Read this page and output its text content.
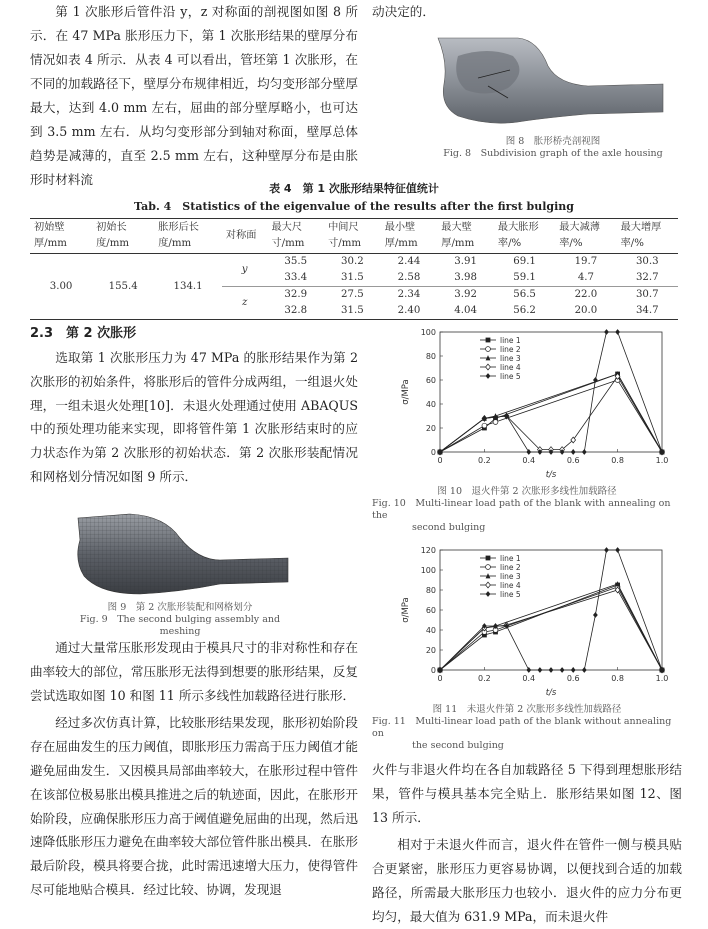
第 1 次胀形后管件沿 y，z 对称面的剖视图如图 8 所示．在 47 MPa 胀形压力下，第 1 次胀形结果的壁厚分布情况如表 4 所示．从表 4 可以看出，管坯第 1 次胀形，在不同的加载路径下，壁厚分布规律相近，均匀变形部分壁厚最大，达到 4.0 mm 左右，屈曲的部分壁厚略小，也可达到 3.5 mm 左右．从均匀变形部分到轴对称面，壁厚总体趋势是减薄的，直至 2.5 mm 左右，这种壁厚分布是由胀形时材料流

动决定的．

图 8　胀形桥壳剖视图
Fig. 8　Subdivision graph of the axle housing
表 4　第 1 次胀形结果特征值统计
Tab. 4　Statistics of the eigenvalue of the results after the first bulging
初始壁厚/mm	初始长度/mm	胀形后长度/mm	对称面	最大尺寸/mm	中间尺寸/mm	最小壁厚/mm	最大壁厚/mm	最大胀形率/%	最大减薄率/%	最大增厚率/%
3.00	155.4	134.1	y	35.5	30.2	2.44	3.91	69.1	19.7	30.3
				33.4	31.5	2.58	3.98	59.1	4.7	32.7
			z	32.9	27.5	2.34	3.92	56.5	22.0	30.7
				32.8	31.5	2.40	4.04	56.2	20.0	34.7
2.3　第 2 次胀形

选取第 1 次胀形压力为 47 MPa 的胀形结果作为第 2 次胀形的初始条件，将胀形后的管件分成两组，一组退火处理，一组未退火处理[10]．未退火处理通过使用 ABAQUS 中的预处理功能来实现，即将管件第 1 次胀形结束时的应力状态作为第 2 次胀形的初始状态．第 2 次胀形装配情况和网格划分情况如图 9 所示．

图 9　第 2 次胀形装配和网格划分
Fig. 9　The second bulging assembly and meshing

通过大量常压胀形发现由于模具尺寸的非对称性和存在曲率较大的部位，常压胀形无法得到想要的胀形结果，反复尝试选取如图 10 和图 11 所示多线性加载路径进行胀形．

经过多次仿真计算，比较胀形结果发现，胀形初始阶段存在屈曲发生的压力阈值，即胀形压力需高于压力阈值才能避免屈曲发生．又因模具局部曲率较大，在胀形过程中管件在该部位极易胀出模具推进之后的轨迹面，因此，在胀形开始阶段，应确保胀形压力高于阈值避免屈曲的出现，然后迅速降低胀形压力避免在曲率较大部位管件胀出模具．在胀形最后阶段，模具将要合拢，此时需迅速增大压力，使得管件尽可能地贴合模具．经过比较、协调，发现退

0	0.2	0.4	0.6	0.8	1.0
0
20
40
60
80
100
t/s
σ/MPa
line 1
line 2
line 3
line 4
line 5
图 10　退火件第 2 次胀形多线性加载路径
Fig. 10　Multi-linear load path of the blank with annealing on the
second bulging
0	0.2	0.4	0.6	0.8	1.0
0
20
40
60
80
100
120
t/s
σ/MPa
line 1
line 2
line 3
line 4
line 5
图 11　未退火件第 2 次胀形多线性加载路径
Fig. 11　Multi-linear load path of the blank without annealing on
the second bulging

火件与非退火件均在各自加载路径 5 下得到理想胀形结果，管件与模具基本完全贴上．胀形结果如图 12、图 13 所示．

相对于未退火件而言，退火件在管件一侧与模具贴合更紧密，胀形压力更容易协调，以便找到合适的加载路径，所需最大胀形压力也较小．退火件的应力分布更均匀，最大值为 631.9 MPa，而未退火件
